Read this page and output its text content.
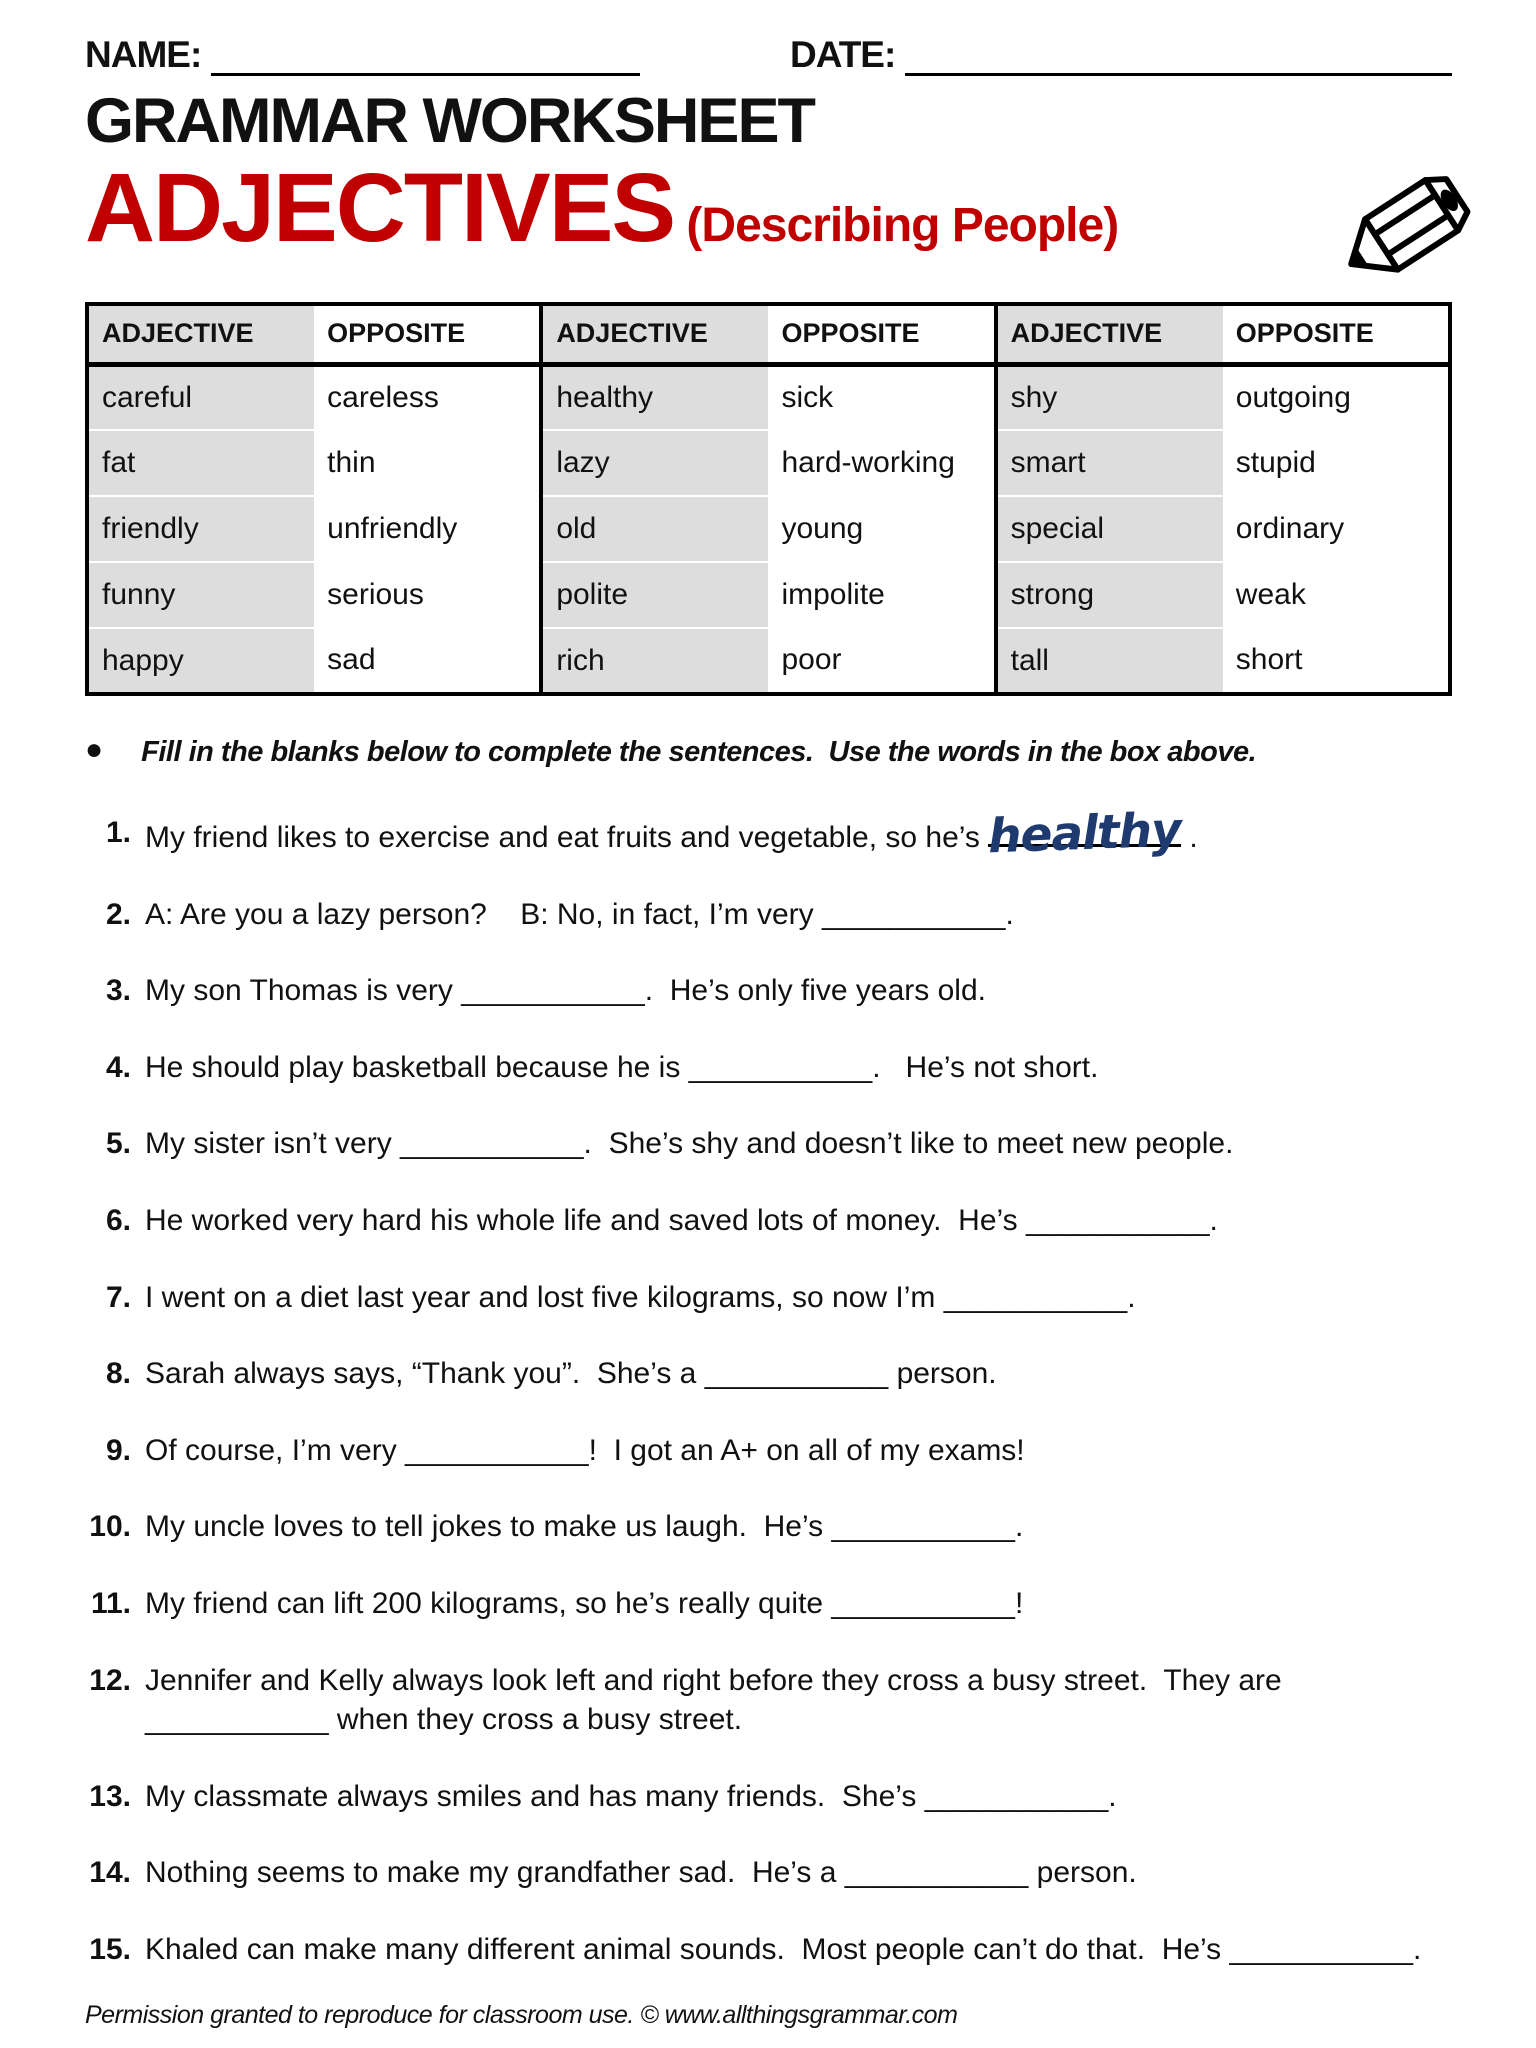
NAME:	DATE:
GRAMMAR WORKSHEET
ADJECTIVES (Describing People)
ADJECTIVE	OPPOSITE	ADJECTIVE	OPPOSITE	ADJECTIVE	OPPOSITE
careful	careless	healthy	sick	shy	outgoing
fat	thin	lazy	hard-working	smart	stupid
friendly	unfriendly	old	young	special	ordinary
funny	serious	polite	impolite	strong	weak
happy	sad	rich	poor	tall	short
● Fill in the blanks below to complete the sentences.  Use the words in the box above.
1. My friend likes to exercise and eat fruits and vegetable, so he’s healthy .
2. A: Are you a lazy person?    B: No, in fact, I’m very ___________.
3. My son Thomas is very ___________.  He’s only five years old.
4. He should play basketball because he is ___________.   He’s not short.
5. My sister isn’t very ___________.  She’s shy and doesn’t like to meet new people.
6. He worked very hard his whole life and saved lots of money.  He’s ___________.
7. I went on a diet last year and lost five kilograms, so now I’m ___________.
8. Sarah always says, “Thank you”.  She’s a ___________ person.
9. Of course, I’m very ___________!  I got an A+ on all of my exams!
10. My uncle loves to tell jokes to make us laugh.  He’s ___________.
11. My friend can lift 200 kilograms, so he’s really quite ___________!
12. Jennifer and Kelly always look left and right before they cross a busy street.  They are ___________ when they cross a busy street.
13. My classmate always smiles and has many friends.  She’s ___________.
14. Nothing seems to make my grandfather sad.  He’s a ___________ person.
15. Khaled can make many different animal sounds.  Most people can’t do that.  He’s ___________.
Permission granted to reproduce for classroom use. © www.allthingsgrammar.com
